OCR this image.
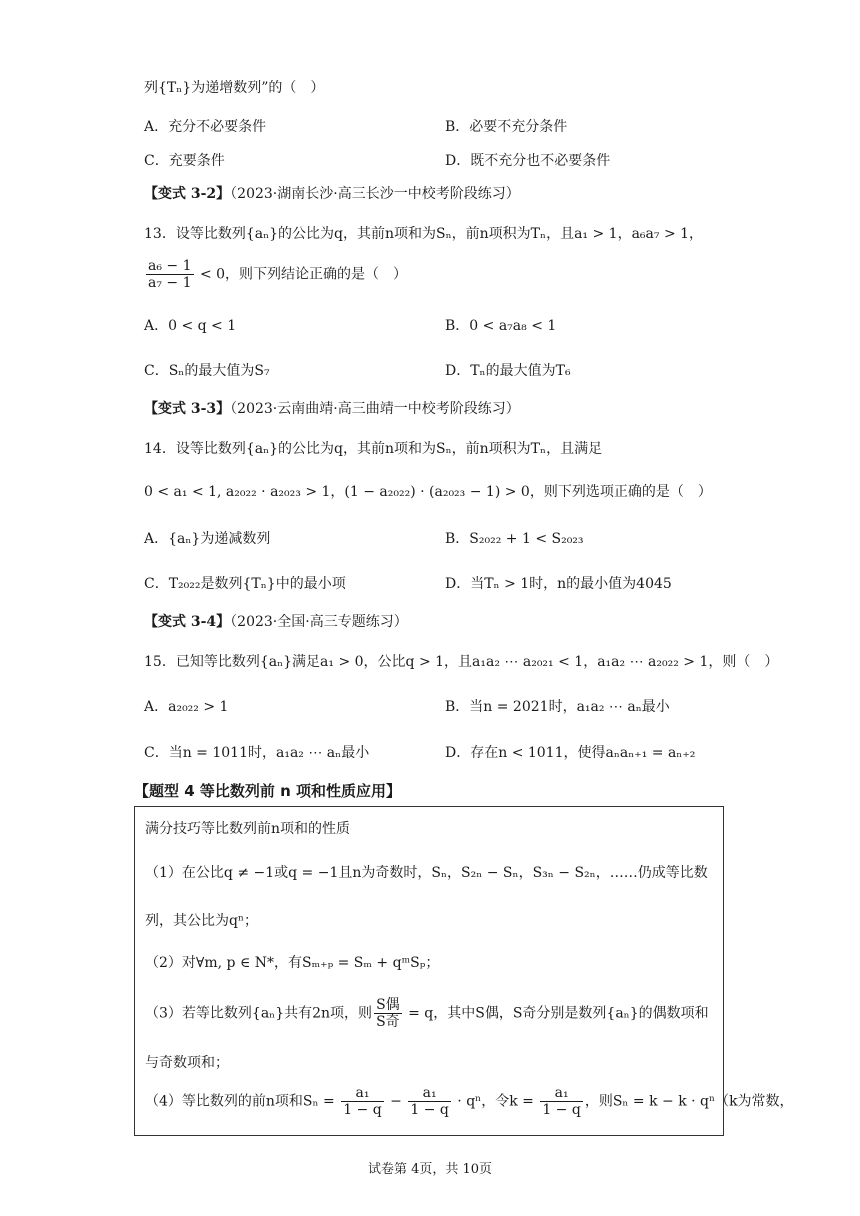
列{Tₙ}为递增数列”的（　）
A．充分不必要条件	B．必要不充分条件
C．充要条件	D．既不充分也不必要条件
【变式 3-2】（2023·湖南长沙·高三长沙一中校考阶段练习）
13．设等比数列{aₙ}的公比为q，其前n项和为Sₙ，前n项积为Tₙ，且a₁ > 1，a₆a₇ > 1，
$\frac{\text{a₆ − 1}}{\text{a₇ − 1}} < 0$，则下列结论正确的是（　）
A．0 < q < 1	B．0 < a₇a₈ < 1
C．Sₙ的最大值为S₇	D．Tₙ的最大值为T₆
【变式 3-3】（2023·云南曲靖·高三曲靖一中校考阶段练习）
14．设等比数列{aₙ}的公比为q，其前n项和为Sₙ，前n项积为Tₙ，且满足
0 < a₁ < 1, a₂₀₂₂ · a₂₀₂₃ > 1，(1 − a₂₀₂₂) · (a₂₀₂₃ − 1) > 0，则下列选项正确的是（　）
A．{aₙ}为递减数列	B．S₂₀₂₂ + 1 < S₂₀₂₃
C．T₂₀₂₂是数列{Tₙ}中的最小项	D．当Tₙ > 1时，n的最小值为4045
【变式 3-4】（2023·全国·高三专题练习）
15．已知等比数列{aₙ}满足a₁ > 0，公比q > 1，且a₁a₂ ⋯ a₂₀₂₁ < 1，a₁a₂ ⋯ a₂₀₂₂ > 1，则（　）
A．a₂₀₂₂ > 1	B．当n = 2021时，a₁a₂ ⋯ aₙ最小
C．当n = 1011时，a₁a₂ ⋯ aₙ最小	D．存在n < 1011，使得aₙaₙ₊₁ = aₙ₊₂
【题型 4 等比数列前 n 项和性质应用】
满分技巧等比数列前n项和的性质
（1）在公比q ≠ −1或q = −1且n为奇数时，Sₙ，S₂ₙ − Sₙ，S₃ₙ − S₂ₙ，……仍成等比数
列，其公比为qⁿ；
（2）对∀m, p ∈ N*，有Sₘ₊ₚ = Sₘ + qᵐSₚ；
（3）若等比数列{aₙ}共有2n项，则 $\frac{\text{S偶}}{\text{S奇}} = q$，其中S偶，S奇分别是数列{aₙ}的偶数项和
与奇数项和；
（4）等比数列的前n项和$S_n = \frac{\text{a₁}}{1 - q} - \frac{\text{a₁}}{1 - q} \cdot q^n$，令$k = \frac{\text{a₁}}{1 - q}$ ，则Sₙ = k − k · qⁿ（k为常数，
试卷第 4页，共 10页
